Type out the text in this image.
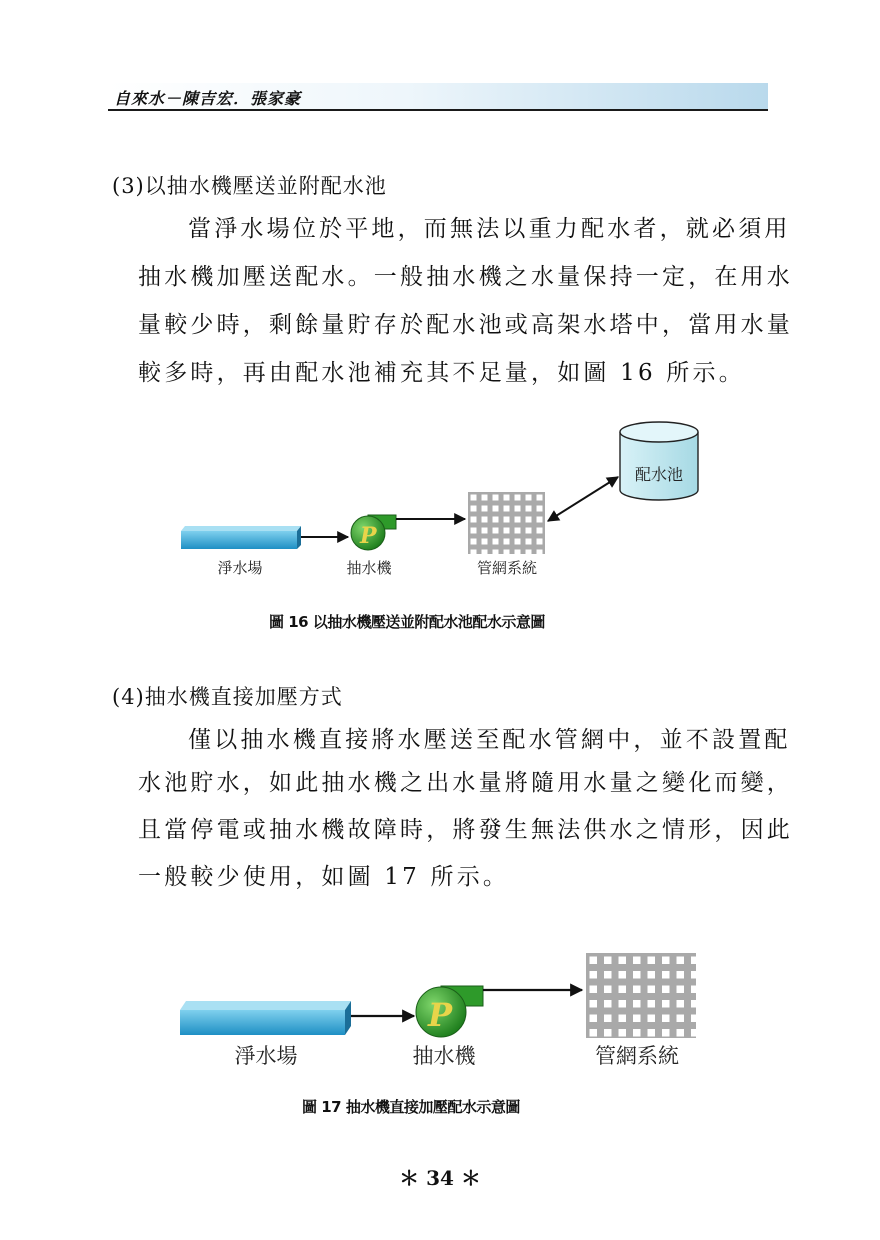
自來水－陳吉宏．張家豪
(3)以抽水機壓送並附配水池
當淨水場位於平地，而無法以重力配水者，就必須用
抽水機加壓送配水。一般抽水機之水量保持一定，在用水
量較少時，剩餘量貯存於配水池或高架水塔中，當用水量
較多時，再由配水池補充其不足量，如圖 16 所示。
P
配水池
淨水場	抽水機	管網系統
圖 16 以抽水機壓送並附配水池配水示意圖
(4)抽水機直接加壓方式
僅以抽水機直接將水壓送至配水管網中，並不設置配
水池貯水，如此抽水機之出水量將隨用水量之變化而變，
且當停電或抽水機故障時，將發生無法供水之情形，因此
一般較少使用，如圖 17 所示。
P
淨水場	抽水機	管網系統
圖 17 抽水機直接加壓配水示意圖
＊ 34 ＊
